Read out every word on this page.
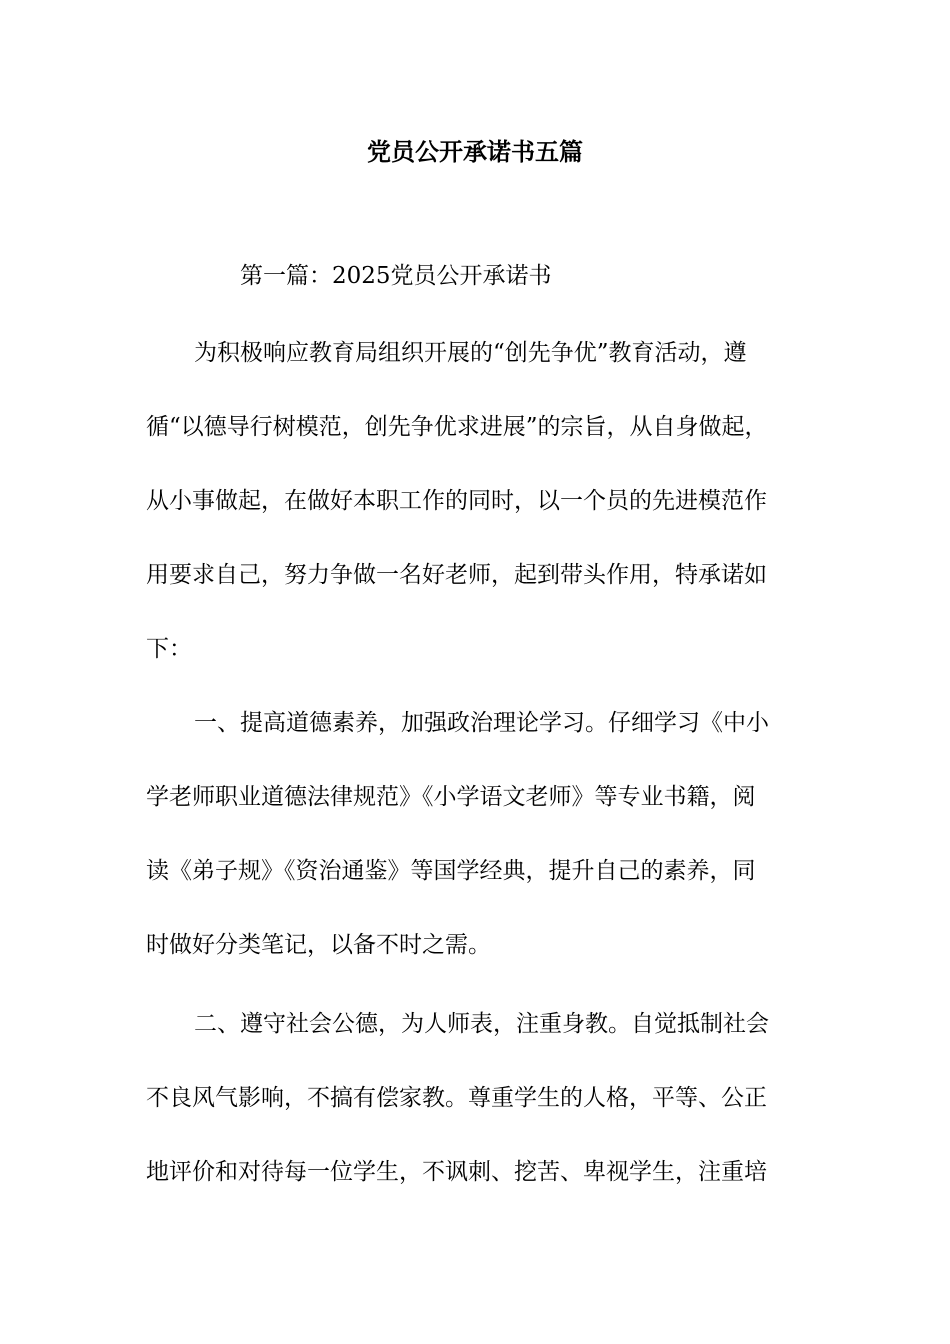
党员公开承诺书五篇
第一篇：2025党员公开承诺书
为积极响应教育局组织开展的“创先争优”教育活动，遵
循“以德导行树模范，创先争优求进展”的宗旨，从自身做起，
从小事做起，在做好本职工作的同时，以一个员的先进模范作
用要求自己，努力争做一名好老师，起到带头作用，特承诺如
下：
一、提高道德素养，加强政治理论学习。仔细学习《中小
学老师职业道德法律规范》《小学语文老师》等专业书籍，阅
读《弟子规》《资治通鉴》等国学经典，提升自己的素养，同
时做好分类笔记，以备不时之需。
二、遵守社会公德，为人师表，注重身教。自觉抵制社会
不良风气影响，不搞有偿家教。尊重学生的人格，平等、公正
地评价和对待每一位学生，不讽刺、挖苦、卑视学生，注重培
